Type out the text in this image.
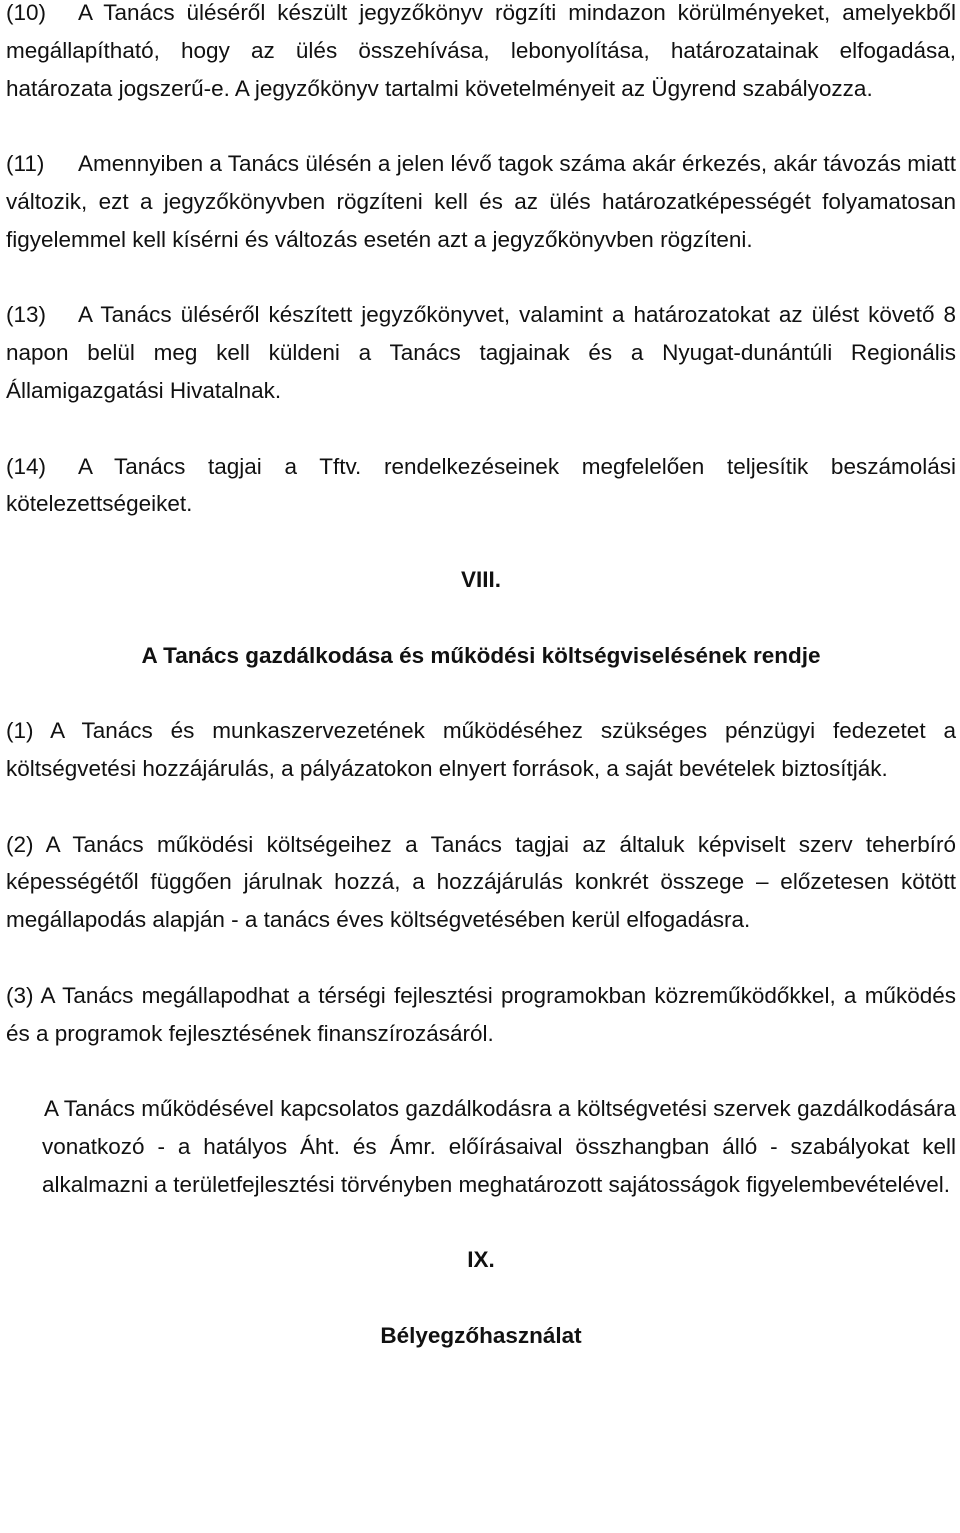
(10) A Tanács üléséről készült jegyzőkönyv rögzíti mindazon körülményeket, amelyekből megállapítható, hogy az ülés összehívása, lebonyolítása, határozatainak elfogadása, határozata jogszerű-e. A jegyzőkönyv tartalmi követelményeit az Ügyrend szabályozza.

(11) Amennyiben a Tanács ülésén a jelen lévő tagok száma akár érkezés, akár távozás miatt változik, ezt a jegyzőkönyvben rögzíteni kell és az ülés határozatképességét folyamatosan figyelemmel kell kísérni és változás esetén azt a jegyzőkönyvben rögzíteni.

(13) A Tanács üléséről készített jegyzőkönyvet, valamint a határozatokat az ülést követő 8 napon belül meg kell küldeni a Tanács tagjainak és a Nyugat-dunántúli Regionális Államigazgatási Hivatalnak.

(14) A Tanács tagjai a Tftv. rendelkezéseinek megfelelően teljesítik beszámolási kötelezettségeiket.

VIII.

A Tanács gazdálkodása és működési költségviselésének rendje

(1) A Tanács és munkaszervezetének működéséhez szükséges pénzügyi fedezetet a költségvetési hozzájárulás, a pályázatokon elnyert források, a saját bevételek biztosítják.

(2) A Tanács működési költségeihez a Tanács tagjai az általuk képviselt szerv teherbíró képességétől függően járulnak hozzá, a hozzájárulás konkrét összege – előzetesen kötött megállapodás alapján - a tanács éves költségvetésében kerül elfogadásra.

(3) A Tanács megállapodhat a térségi fejlesztési programokban közreműködőkkel, a működés és a programok fejlesztésének finanszírozásáról.

A Tanács működésével kapcsolatos gazdálkodásra a költségvetési szervek gazdálkodására vonatkozó - a hatályos Áht. és Ámr. előírásaival összhangban álló - szabályokat kell alkalmazni a területfejlesztési törvényben meghatározott sajátosságok figyelembevételével.

IX.

Bélyegzőhasználat
